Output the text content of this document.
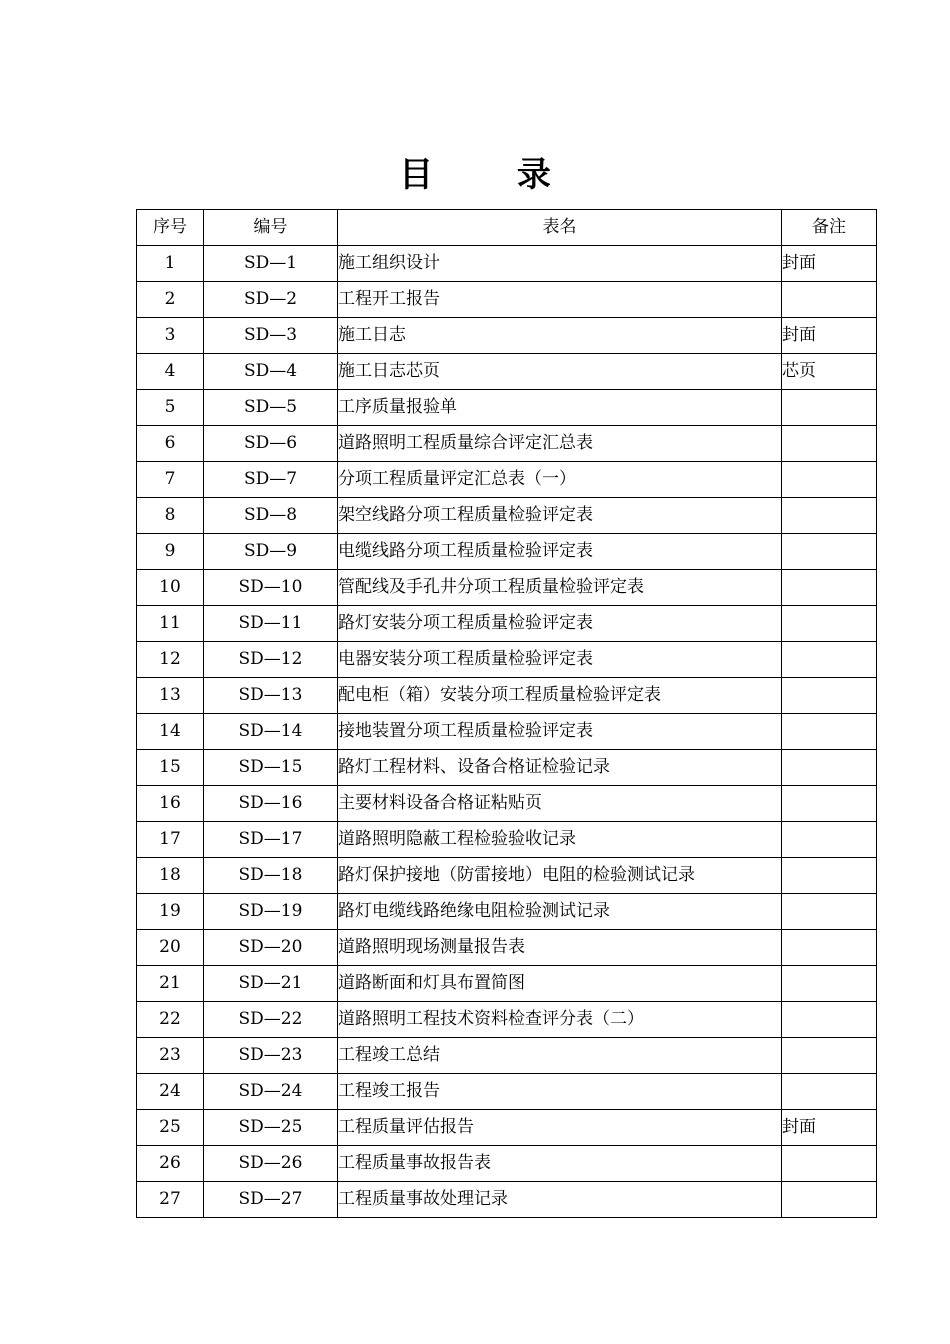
目 录
序号	编号	表名	备注
1	SD—1	施工组织设计	封面
2	SD—2	工程开工报告	
3	SD—3	施工日志	封面
4	SD—4	施工日志芯页	芯页
5	SD—5	工序质量报验单	
6	SD—6	道路照明工程质量综合评定汇总表	
7	SD—7	分项工程质量评定汇总表（一）	
8	SD—8	架空线路分项工程质量检验评定表	
9	SD—9	电缆线路分项工程质量检验评定表	
10	SD—10	管配线及手孔井分项工程质量检验评定表	
11	SD—11	路灯安装分项工程质量检验评定表	
12	SD—12	电器安装分项工程质量检验评定表	
13	SD—13	配电柜（箱）安装分项工程质量检验评定表	
14	SD—14	接地装置分项工程质量检验评定表	
15	SD—15	路灯工程材料、设备合格证检验记录	
16	SD—16	主要材料设备合格证粘贴页	
17	SD—17	道路照明隐蔽工程检验验收记录	
18	SD—18	路灯保护接地（防雷接地）电阻的检验测试记录	
19	SD—19	路灯电缆线路绝缘电阻检验测试记录	
20	SD—20	道路照明现场测量报告表	
21	SD—21	道路断面和灯具布置简图	
22	SD—22	道路照明工程技术资料检查评分表（二）	
23	SD—23	工程竣工总结	
24	SD—24	工程竣工报告	
25	SD—25	工程质量评估报告	封面
26	SD—26	工程质量事故报告表	
27	SD—27	工程质量事故处理记录	
